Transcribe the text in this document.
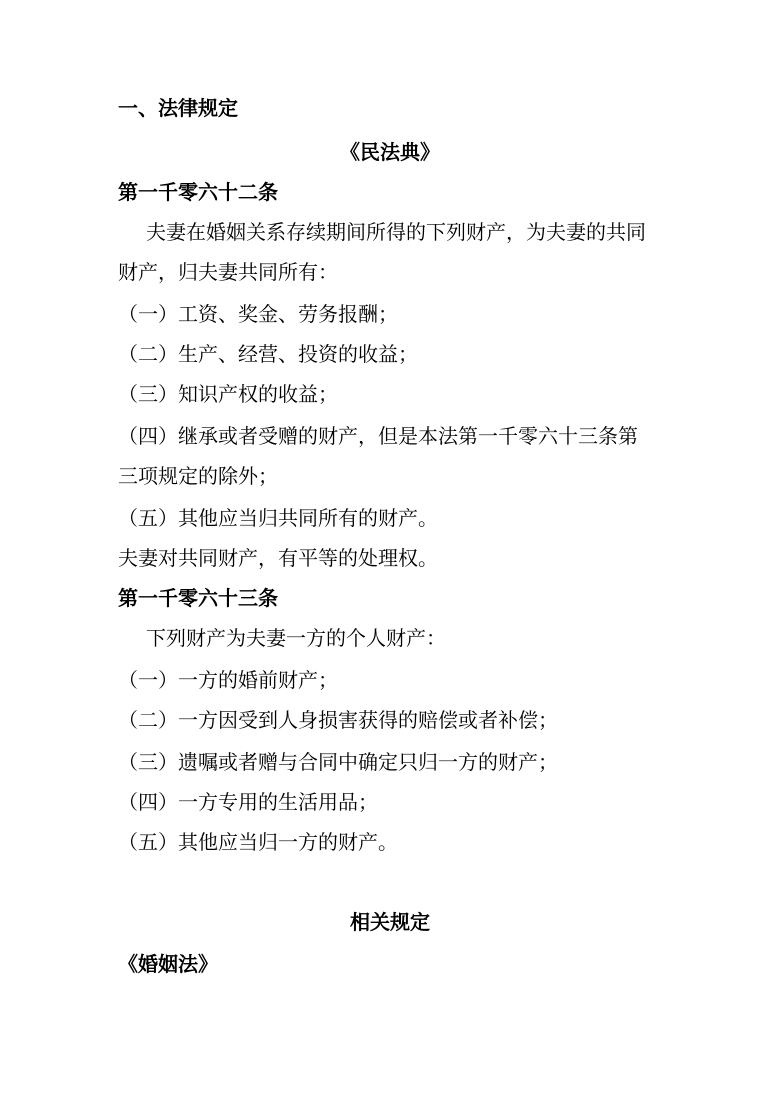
一、法律规定
《民法典》
第一千零六十二条
夫妻在婚姻关系存续期间所得的下列财产，为夫妻的共同
财产，归夫妻共同所有：
（一）工资、奖金、劳务报酬；
（二）生产、经营、投资的收益；
（三）知识产权的收益；
（四）继承或者受赠的财产，但是本法第一千零六十三条第
三项规定的除外；
（五）其他应当归共同所有的财产。
夫妻对共同财产，有平等的处理权。
第一千零六十三条
下列财产为夫妻一方的个人财产：
（一）一方的婚前财产；
（二）一方因受到人身损害获得的赔偿或者补偿；
（三）遗嘱或者赠与合同中确定只归一方的财产；
（四）一方专用的生活用品；
（五）其他应当归一方的财产。
相关规定
《婚姻法》
